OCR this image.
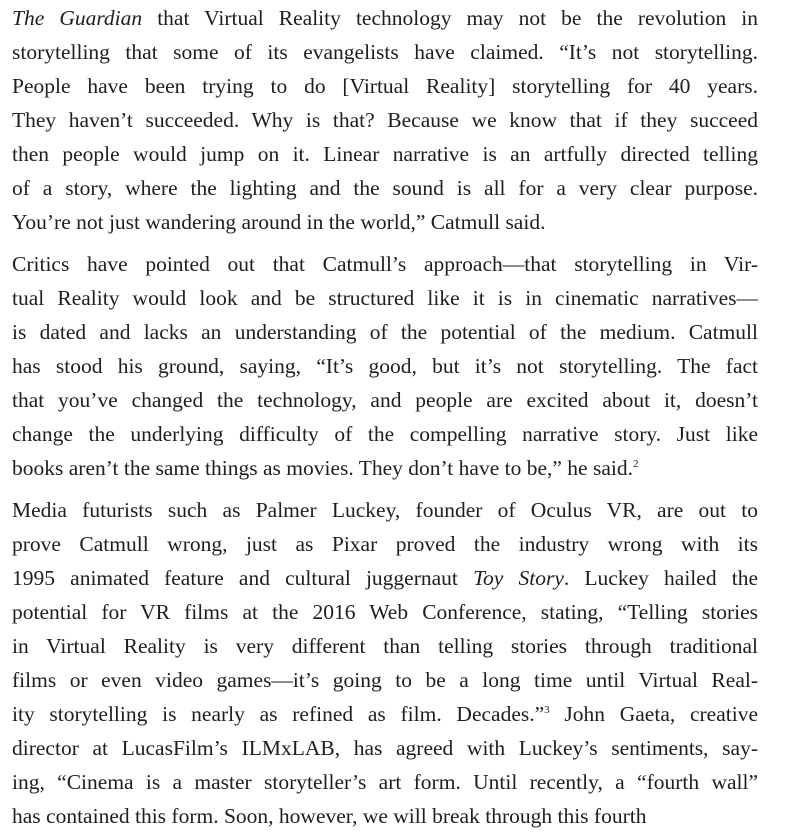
The Guardian that Virtual Reality technology may not be the revolution in
storytelling that some of its evangelists have claimed. “It’s not storytelling.
People have been trying to do [Virtual Reality] storytelling for 40 years.
They haven’t succeeded. Why is that? Because we know that if they succeed
then people would jump on it. Linear narrative is an artfully directed telling
of a story, where the lighting and the sound is all for a very clear purpose.
You’re not just wandering around in the world,” Catmull said.
Critics have pointed out that Catmull’s approach—that storytelling in Vir-
tual Reality would look and be structured like it is in cinematic narratives—
is dated and lacks an understanding of the potential of the medium. Catmull
has stood his ground, saying, “It’s good, but it’s not storytelling. The fact
that you’ve changed the technology, and people are excited about it, doesn’t
change the underlying difficulty of the compelling narrative story. Just like
books aren’t the same things as movies. They don’t have to be,” he said.$^2$
Media futurists such as Palmer Luckey, founder of Oculus VR, are out to
prove Catmull wrong, just as Pixar proved the industry wrong with its
1995 animated feature and cultural juggernaut Toy Story. Luckey hailed the
potential for VR films at the 2016 Web Conference, stating, “Telling stories
in Virtual Reality is very different than telling stories through traditional
films or even video games—it’s going to be a long time until Virtual Real-
ity storytelling is nearly as refined as film. Decades.”$^3$ John Gaeta, creative
director at LucasFilm’s ILMxLAB, has agreed with Luckey’s sentiments, say-
ing, “Cinema is a master storyteller’s art form. Until recently, a “fourth wall”
has contained this form. Soon, however, we will break through this fourth
